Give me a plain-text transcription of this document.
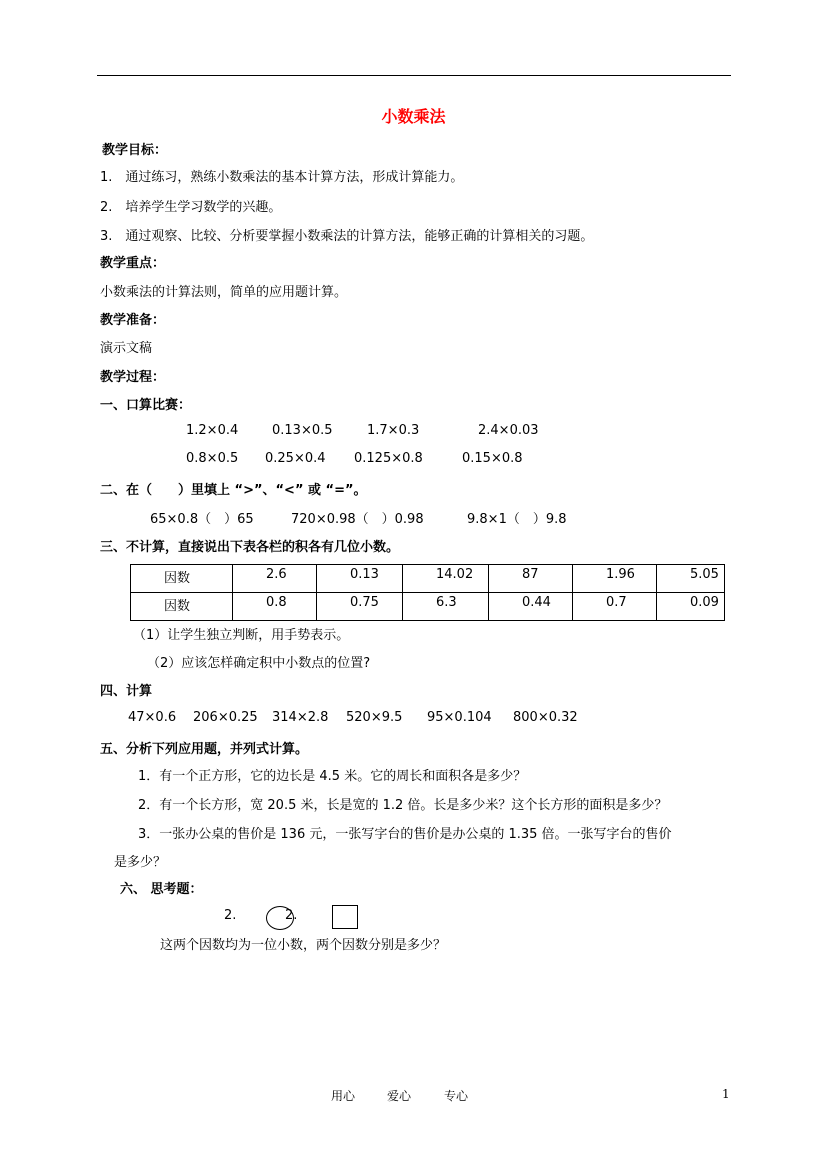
小数乘法
教学目标：
1.　通过练习，熟练小数乘法的基本计算方法，形成计算能力。
2.　培养学生学习数学的兴趣。
3.　通过观察、比较、分析要掌握小数乘法的计算方法，能够正确的计算相关的习题。
教学重点：
小数乘法的计算法则，简单的应用题计算。
教学准备：
演示文稿
教学过程：
一、口算比赛：
1.2×0.4	0.13×0.5	1.7×0.3	2.4×0.03
0.8×0.5 0.25×0.4 0.125×0.8	0.15×0.8
二、在（　　）里填上 “>”、“<” 或 “=”。
65×0.8（　）65	720×0.98（　）0.98	9.8×1（　）9.8
三、不计算，直接说出下表各栏的积各有几位小数。
因数	2.6	0.13	14.02	87	1.96	5.05
因数	0.8	0.75	6.3	0.44	0.7	0.09
（1）让学生独立判断，用手势表示。
（2）应该怎样确定积中小数点的位置?
四、计算
47×0.6 206×0.25 314×2.8 520×9.5 95×0.104 800×0.32
五、分析下列应用题，并列式计算。
1．有一个正方形，它的边长是 4.5 米。它的周长和面积各是多少？
2．有一个长方形，宽 20.5 米，长是宽的 1.2 倍。长是多少米？这个长方形的面积是多少？
3．一张办公桌的售价是 136 元，一张写字台的售价是办公桌的 1.35 倍。一张写字台的售价
是多少？
六、 思考题：
2.	2.
这两个因数均为一位小数，两个因数分别是多少？
用心	爱心	专心	1
